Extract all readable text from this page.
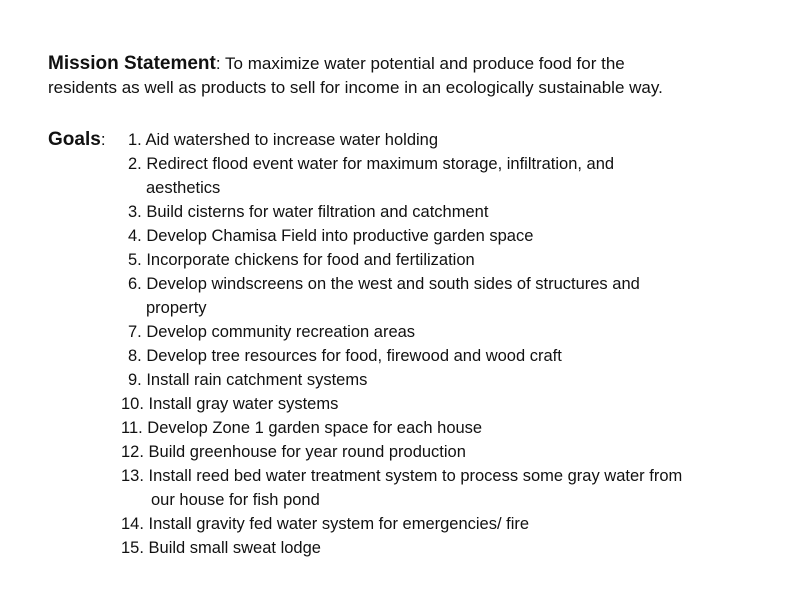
Mission Statement: To maximize water potential and produce food for the
residents as well as products to sell for income in an ecologically sustainable way.
Goals: 1. Aid watershed to increase water holding
2. Redirect flood event water for maximum storage, infiltration, and
aesthetics
3. Build cisterns for water filtration and catchment
4. Develop Chamisa Field into productive garden space
5. Incorporate chickens for food and fertilization
6. Develop windscreens on the west and south sides of structures and
property
7. Develop community recreation areas
8. Develop tree resources for food, firewood and wood craft
9. Install rain catchment systems
10. Install gray water systems
11. Develop Zone 1 garden space for each house
12. Build greenhouse for year round production
13. Install reed bed water treatment system to process some gray water from
our house for fish pond
14. Install gravity fed water system for emergencies/ fire
15. Build small sweat lodge
